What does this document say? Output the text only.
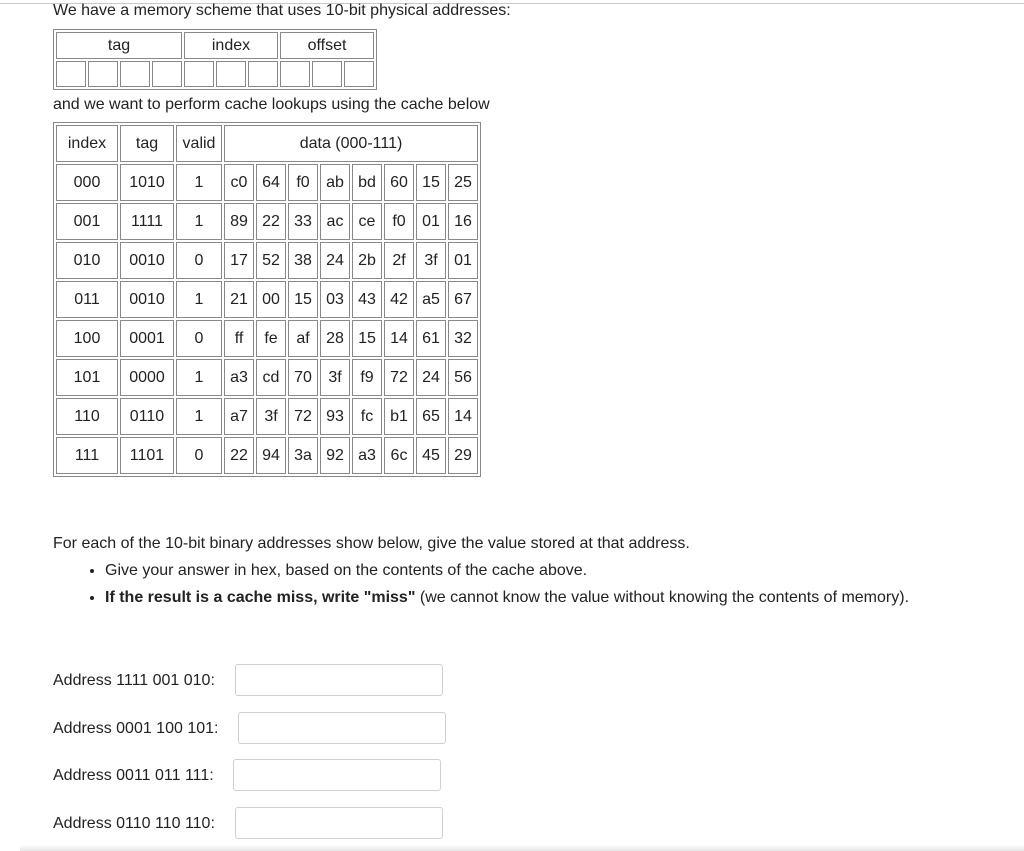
We have a memory scheme that uses 10-bit physical addresses:
tag				index			offset		

and we want to perform cache lookups using the cache below
index	tag	valid	data (000-111)							
000	1010	1	c0	64	f0	ab	bd	60	15	25
001	1111	1	89	22	33	ac	ce	f0	01	16
010	0010	0	17	52	38	24	2b	2f	3f	01
011	0010	1	21	00	15	03	43	42	a5	67
100	0001	0	ff	fe	af	28	15	14	61	32
101	0000	1	a3	cd	70	3f	f9	72	24	56
110	0110	1	a7	3f	72	93	fc	b1	65	14
111	1101	0	22	94	3a	92	a3	6c	45	29
For each of the 10-bit binary addresses show below, give the value stored at that address.
• Give your answer in hex, based on the contents of the cache above.
• If the result is a cache miss, write "miss" (we cannot know the value without knowing the contents of memory).
Address 1111 001 010:
Address 0001 100 101:
Address 0011 011 111:
Address 0110 110 110:
